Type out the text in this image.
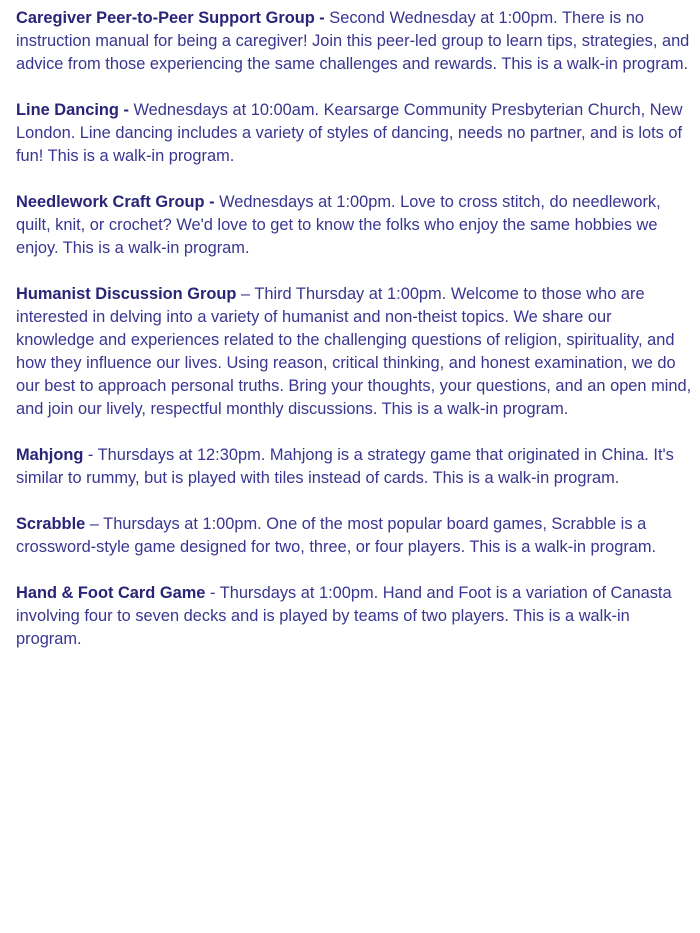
Caregiver Peer-to-Peer Support Group - Second Wednesday at 1:00pm. There is no instruction manual for being a caregiver! Join this peer-led group to learn tips, strategies, and advice from those experiencing the same challenges and rewards. This is a walk-in program.

Line Dancing - Wednesdays at 10:00am. Kearsarge Community Presbyterian Church, New London. Line dancing includes a variety of styles of dancing, needs no partner, and is lots of fun! This is a walk-in program.

Needlework Craft Group - Wednesdays at 1:00pm. Love to cross stitch, do needlework, quilt, knit, or crochet? We'd love to get to know the folks who enjoy the same hobbies we enjoy. This is a walk-in program.

Humanist Discussion Group – Third Thursday at 1:00pm. Welcome to those who are interested in delving into a variety of humanist and non-theist topics. We share our knowledge and experiences related to the challenging questions of religion, spirituality, and how they influence our lives. Using reason, critical thinking, and honest examination, we do our best to approach personal truths. Bring your thoughts, your questions, and an open mind, and join our lively, respectful monthly discussions. This is a walk-in program.

Mahjong - Thursdays at 12:30pm. Mahjong is a strategy game that originated in China. It's similar to rummy, but is played with tiles instead of cards. This is a walk-in program.

Scrabble – Thursdays at 1:00pm. One of the most popular board games, Scrabble is a crossword-style game designed for two, three, or four players. This is a walk-in program.

Hand & Foot Card Game - Thursdays at 1:00pm. Hand and Foot is a variation of Canasta involving four to seven decks and is played by teams of two players. This is a walk-in program.
